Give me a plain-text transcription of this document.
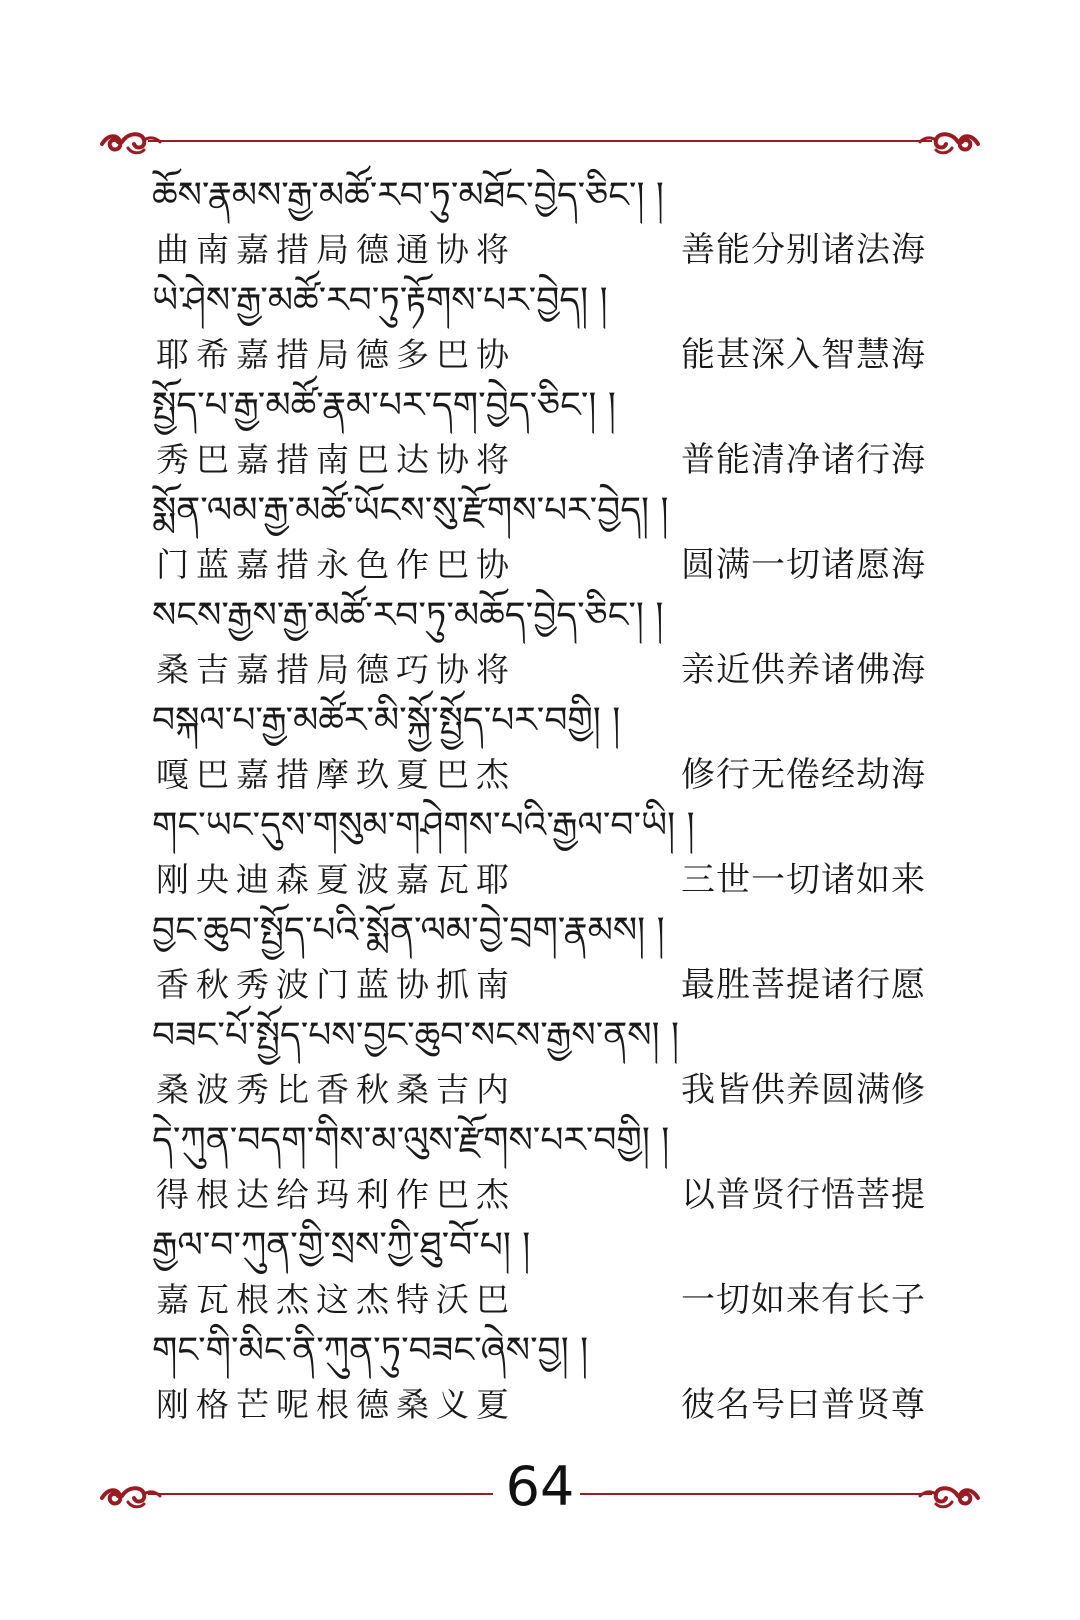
ཆོས་རྣམས་རྒྱ་མཚོ་རབ་ཏུ་མཐོང་བྱེད་ཅིང་། །
曲南嘉措局德通协将	善能分别诸法海
ཡེ་ཤེས་རྒྱ་མཚོ་རབ་ཏུ་རྟོགས་པར་བྱེད། །
耶希嘉措局德多巴协	能甚深入智慧海
སྤྱོད་པ་རྒྱ་མཚོ་རྣམ་པར་དག་བྱེད་ཅིང་། །
秀巴嘉措南巴达协将	普能清净诸行海
སྨོན་ལམ་རྒྱ་མཚོ་ཡོངས་སུ་རྫོགས་པར་བྱེད། །
门蓝嘉措永色作巴协	圆满一切诸愿海
སངས་རྒྱས་རྒྱ་མཚོ་རབ་ཏུ་མཆོད་བྱེད་ཅིང་། །
桑吉嘉措局德巧协将	亲近供养诸佛海
བསྐལ་པ་རྒྱ་མཚོར་མི་སྐྱོ་སྤྱོད་པར་བགྱི། །
嘎巴嘉措摩玖夏巴杰	修行无倦经劫海
གང་ཡང་དུས་གསུམ་གཤེགས་པའི་རྒྱལ་བ་ཡི། །
刚央迪森夏波嘉瓦耶	三世一切诸如来
བྱང་ཆུབ་སྤྱོད་པའི་སྨོན་ལམ་བྱེ་བྲག་རྣམས། །
香秋秀波门蓝协抓南	最胜菩提诸行愿
བཟང་པོ་སྤྱོད་པས་བྱང་ཆུབ་སངས་རྒྱས་ནས། །
桑波秀比香秋桑吉内	我皆供养圆满修
དེ་ཀུན་བདག་གིས་མ་ལུས་རྫོགས་པར་བགྱི། །
得根达给玛利作巴杰	以普贤行悟菩提
རྒྱལ་བ་ཀུན་གྱི་སྲས་ཀྱི་ཐུ་བོ་པ། །
嘉瓦根杰这杰特沃巴	一切如来有长子
གང་གི་མིང་ནི་ཀུན་ཏུ་བཟང་ཞེས་བྱ། །
刚格芒呢根德桑义夏	彼名号曰普贤尊
64
